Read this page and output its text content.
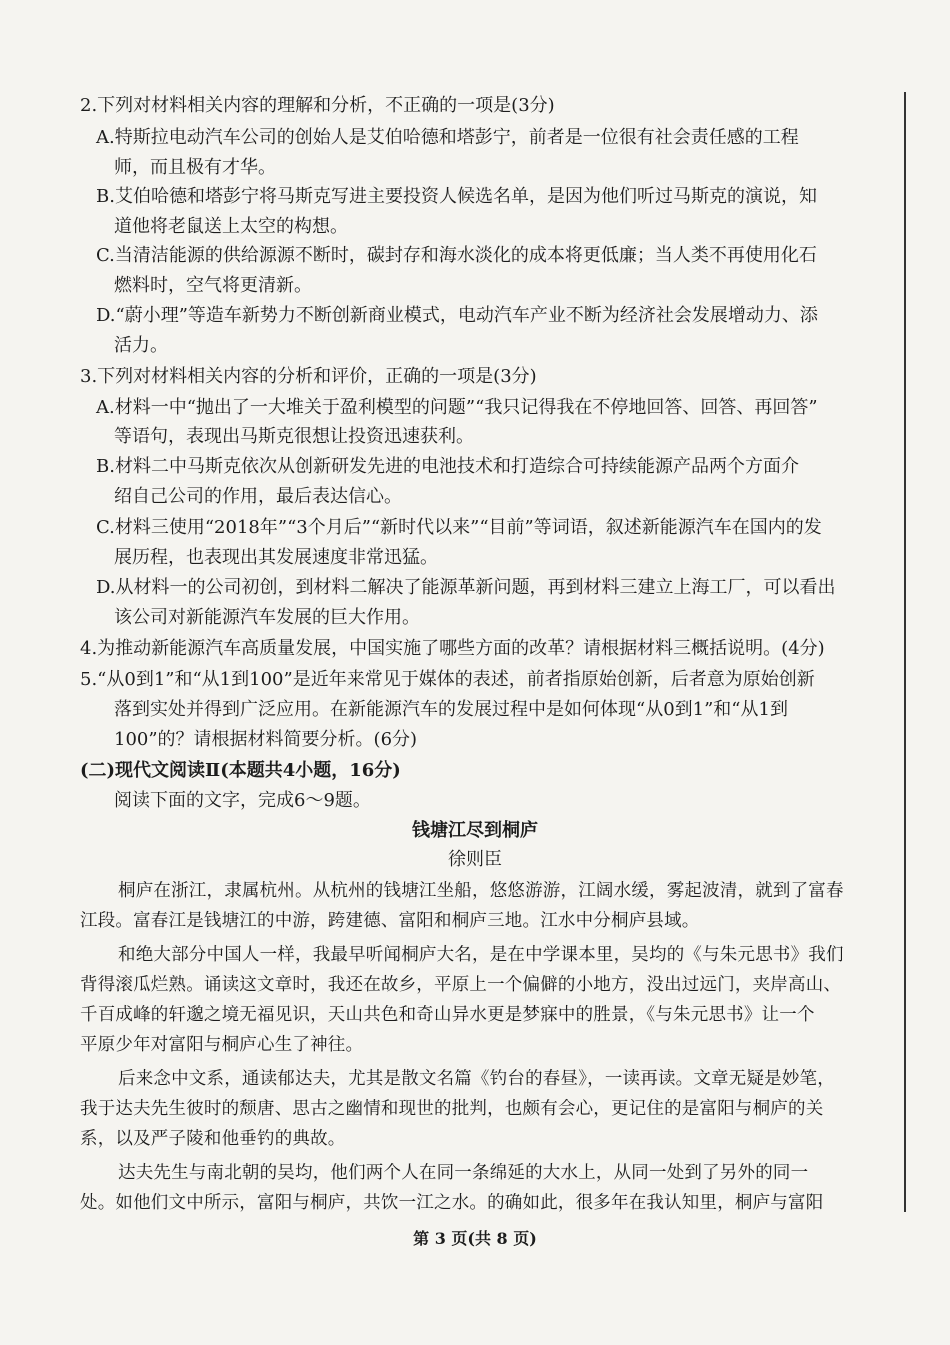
2.下列对材料相关内容的理解和分析，不正确的一项是(3分)
A.特斯拉电动汽车公司的创始人是艾伯哈德和塔彭宁，前者是一位很有社会责任感的工程
师，而且极有才华。
B.艾伯哈德和塔彭宁将马斯克写进主要投资人候选名单，是因为他们听过马斯克的演说，知
道他将老鼠送上太空的构想。
C.当清洁能源的供给源源不断时，碳封存和海水淡化的成本将更低廉；当人类不再使用化石
燃料时，空气将更清新。
D.“蔚小理”等造车新势力不断创新商业模式，电动汽车产业不断为经济社会发展增动力、添
活力。
3.下列对材料相关内容的分析和评价，正确的一项是(3分)
A.材料一中“抛出了一大堆关于盈利模型的问题”“我只记得我在不停地回答、回答、再回答”
等语句，表现出马斯克很想让投资迅速获利。
B.材料二中马斯克依次从创新研发先进的电池技术和打造综合可持续能源产品两个方面介
绍自己公司的作用，最后表达信心。
C.材料三使用“2018年”“3个月后”“新时代以来”“目前”等词语，叙述新能源汽车在国内的发
展历程，也表现出其发展速度非常迅猛。
D.从材料一的公司初创，到材料二解决了能源革新问题，再到材料三建立上海工厂，可以看出
该公司对新能源汽车发展的巨大作用。
4.为推动新能源汽车高质量发展，中国实施了哪些方面的改革？请根据材料三概括说明。(4分)
5.“从0到1”和“从1到100”是近年来常见于媒体的表述，前者指原始创新，后者意为原始创新
落到实处并得到广泛应用。在新能源汽车的发展过程中是如何体现“从0到1”和“从1到
100”的？请根据材料简要分析。(6分)
(二)现代文阅读Ⅱ(本题共4小题，16分)
阅读下面的文字，完成6～9题。
钱塘江尽到桐庐
徐则臣
桐庐在浙江，隶属杭州。从杭州的钱塘江坐船，悠悠游游，江阔水缓，雾起波清，就到了富春
江段。富春江是钱塘江的中游，跨建德、富阳和桐庐三地。江水中分桐庐县域。
和绝大部分中国人一样，我最早听闻桐庐大名，是在中学课本里，吴均的《与朱元思书》我们
背得滚瓜烂熟。诵读这文章时，我还在故乡，平原上一个偏僻的小地方，没出过远门，夹岸高山、
千百成峰的轩邈之境无福见识，天山共色和奇山异水更是梦寐中的胜景，《与朱元思书》让一个
平原少年对富阳与桐庐心生了神往。
后来念中文系，通读郁达夫，尤其是散文名篇《钓台的春昼》，一读再读。文章无疑是妙笔，
我于达夫先生彼时的颓唐、思古之幽情和现世的批判，也颇有会心，更记住的是富阳与桐庐的关
系，以及严子陵和他垂钓的典故。
达夫先生与南北朝的吴均，他们两个人在同一条绵延的大水上，从同一处到了另外的同一
处。如他们文中所示，富阳与桐庐，共饮一江之水。的确如此，很多年在我认知里，桐庐与富阳
第 3 页(共 8 页)
